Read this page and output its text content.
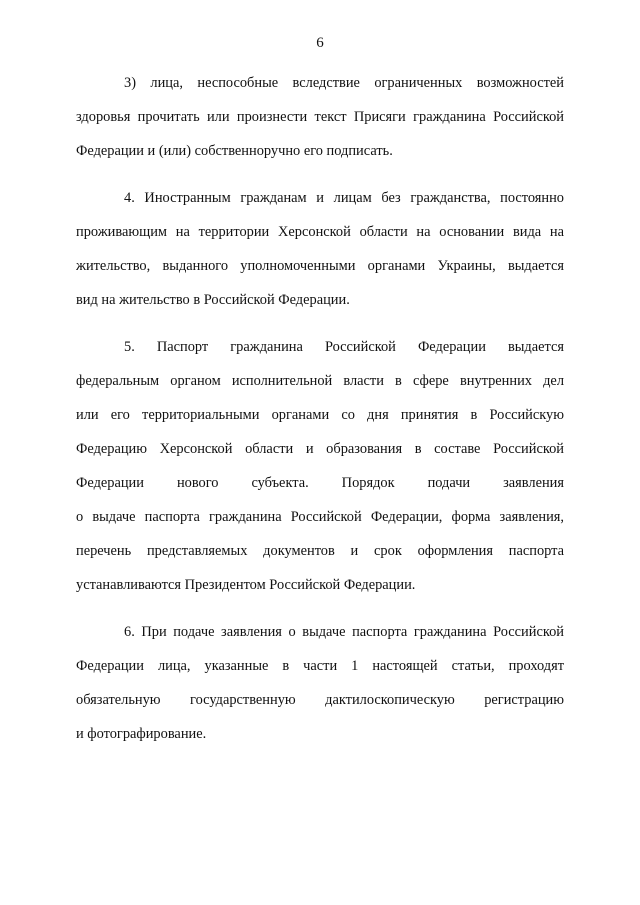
6

3) лица, неспособные вследствие ограниченных возможностей
здоровья прочитать или произнести текст Присяги гражданина Российской
Федерации и (или) собственноручно его подписать.

4. Иностранным гражданам и лицам без гражданства, постоянно
проживающим на территории Херсонской области на основании вида на
жительство, выданного уполномоченными органами Украины, выдается
вид на жительство в Российской Федерации.

5. Паспорт гражданина Российской Федерации выдается
федеральным органом исполнительной власти в сфере внутренних дел
или его территориальными органами со дня принятия в Российскую
Федерацию Херсонской области и образования в составе Российской
Федерации нового субъекта. Порядок подачи заявления
о выдаче паспорта гражданина Российской Федерации, форма заявления,
перечень представляемых документов и срок оформления паспорта
устанавливаются Президентом Российской Федерации.

6. При подаче заявления о выдаче паспорта гражданина Российской
Федерации лица, указанные в части 1 настоящей статьи, проходят
обязательную государственную дактилоскопическую регистрацию
и фотографирование.
